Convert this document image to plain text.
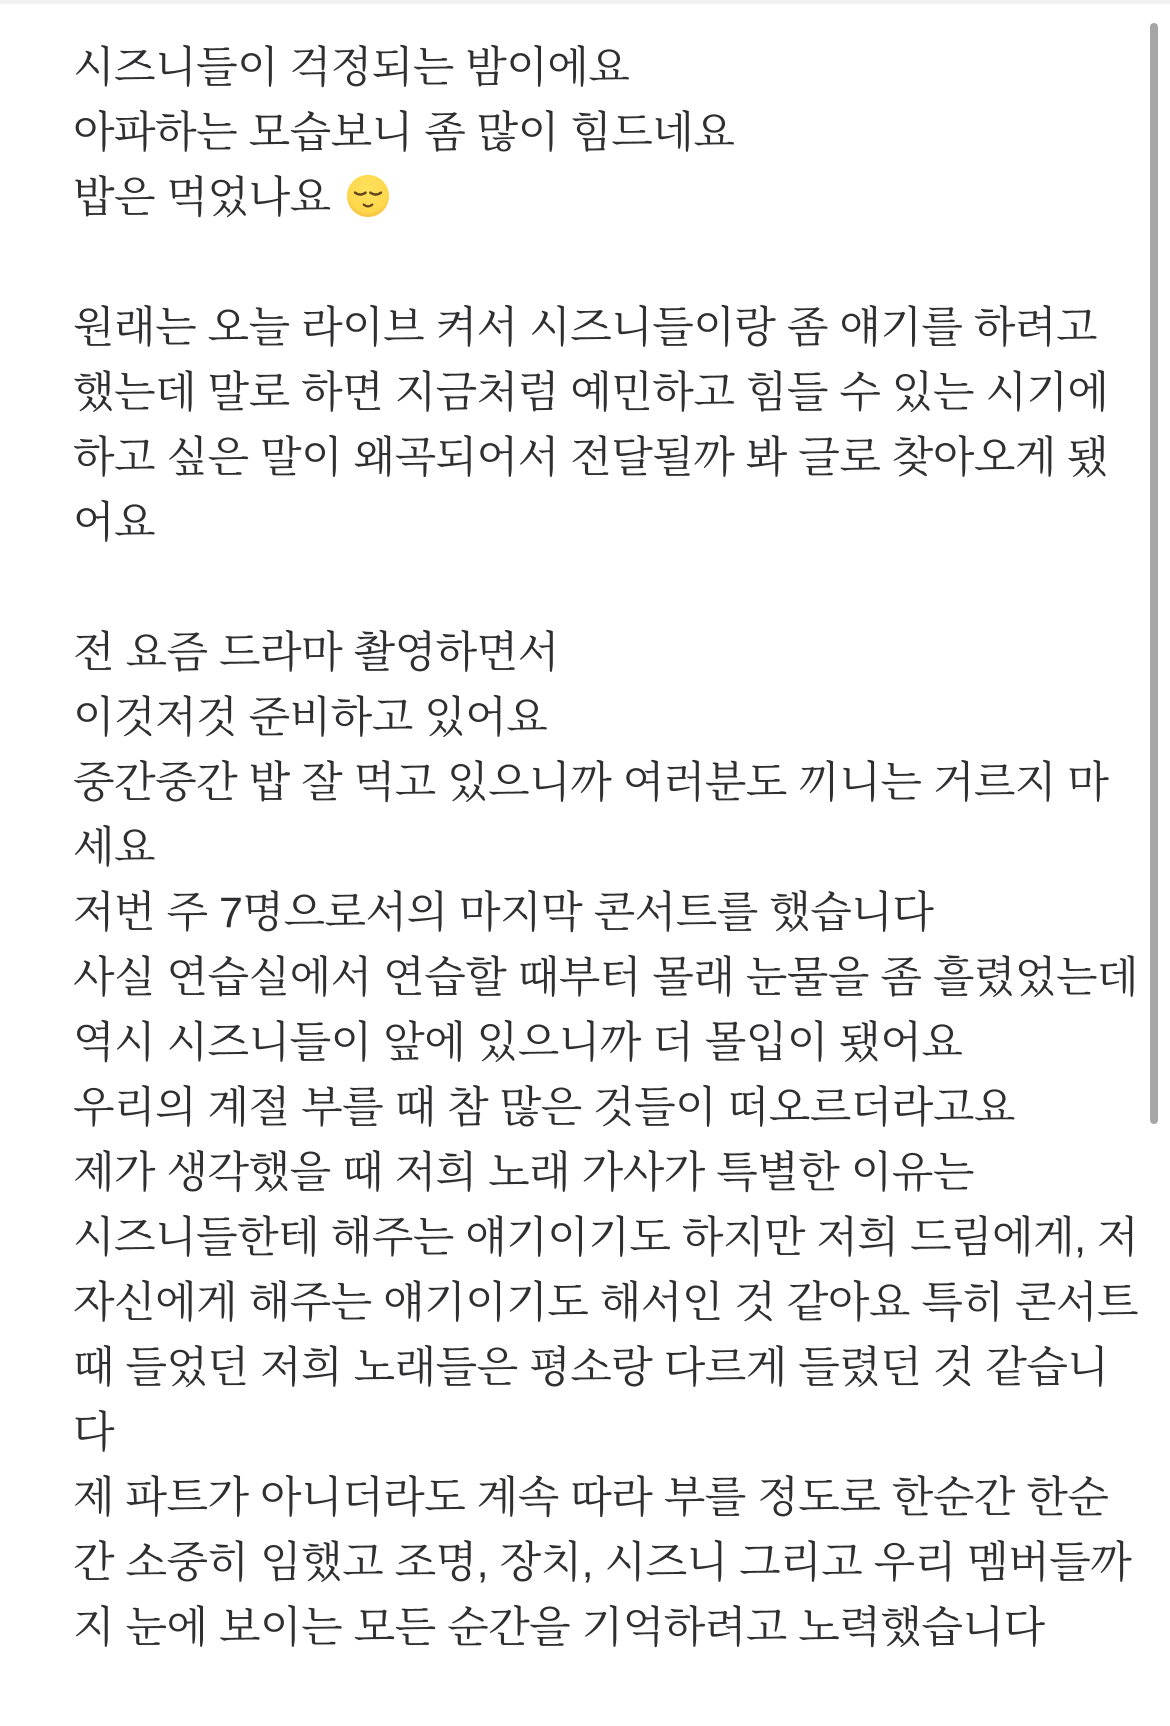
시즈니들이 걱정되는 밤이에요
아파하는 모습보니 좀 많이 힘드네요
밥은 먹었나요
원래는 오늘 라이브 켜서 시즈니들이랑 좀 얘기를 하려고
했는데 말로 하면 지금처럼 예민하고 힘들 수 있는 시기에
하고 싶은 말이 왜곡되어서 전달될까 봐 글로 찾아오게 됐
어요
전 요즘 드라마 촬영하면서
이것저것 준비하고 있어요
중간중간 밥 잘 먹고 있으니까 여러분도 끼니는 거르지 마
세요
저번 주 7명으로서의 마지막 콘서트를 했습니다
사실 연습실에서 연습할 때부터 몰래 눈물을 좀 흘렸었는데
역시 시즈니들이 앞에 있으니까 더 몰입이 됐어요
우리의 계절 부를 때 참 많은 것들이 떠오르더라고요
제가 생각했을 때 저희 노래 가사가 특별한 이유는
시즈니들한테 해주는 얘기이기도 하지만 저희 드림에게, 저
자신에게 해주는 얘기이기도 해서인 것 같아요 특히 콘서트
때 들었던 저희 노래들은 평소랑 다르게 들렸던 것 같습니
다
제 파트가 아니더라도 계속 따라 부를 정도로 한순간 한순
간 소중히 임했고 조명, 장치, 시즈니 그리고 우리 멤버들까
지 눈에 보이는 모든 순간을 기억하려고 노력했습니다
